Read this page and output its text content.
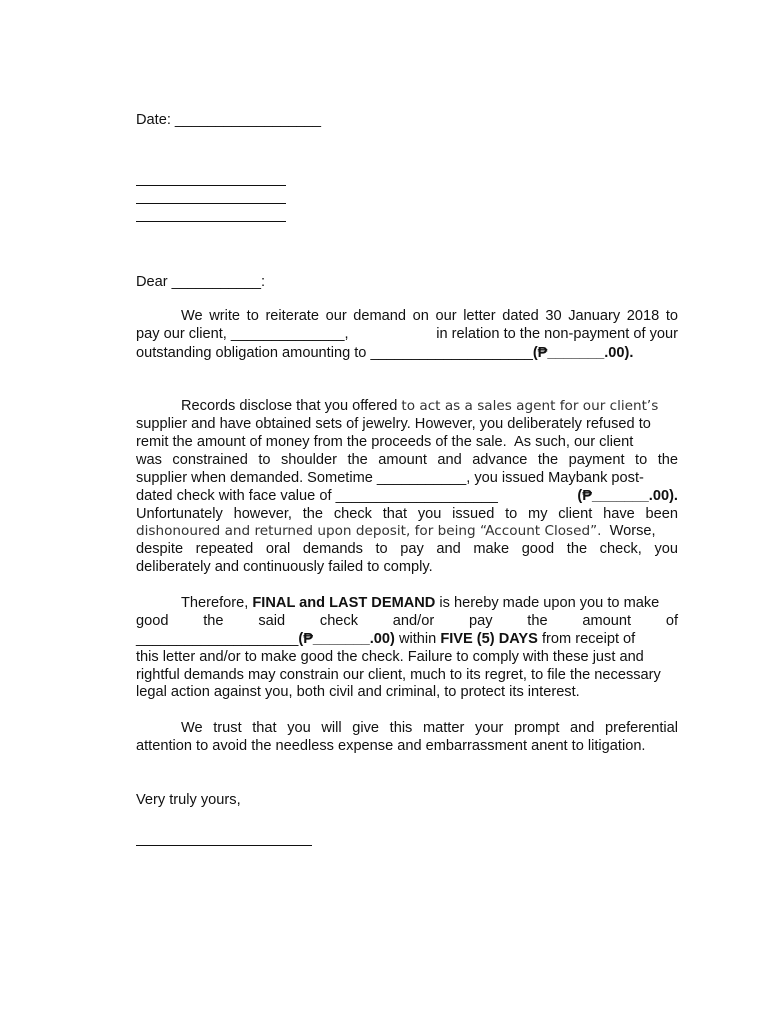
Date: __________________
Dear ___________:
We write to reiterate our demand on our letter dated 30 January 2018 to
pay our client, ______________,	in relation to the non-payment of your
outstanding obligation amounting to ____________________(₱_______.00).
Records disclose that you offered to act as a sales agent for our client’s
supplier and have obtained sets of jewelry. However, you deliberately refused to
remit the amount of money from the proceeds of the sale.  As such, our client
was constrained to shoulder the amount and advance the payment to the
supplier when demanded. Sometime ___________, you issued Maybank post-
dated check with face value of ____________________	(₱_______.00).
Unfortunately however, the check that you issued to my client have been
dishonoured and returned upon deposit, for being “Account Closed”. Worse,
despite repeated oral demands to pay and make good the check, you
deliberately and continuously failed to comply.
Therefore, FINAL and LAST DEMAND is hereby made upon you to make
good the said check and/or pay the amount of
____________________(₱_______.00) within FIVE (5) DAYS from receipt of
this letter and/or to make good the check. Failure to comply with these just and
rightful demands may constrain our client, much to its regret, to file the necessary
legal action against you, both civil and criminal, to protect its interest.
We trust that you will give this matter your prompt and preferential
attention to avoid the needless expense and embarrassment anent to litigation.
Very truly yours,
